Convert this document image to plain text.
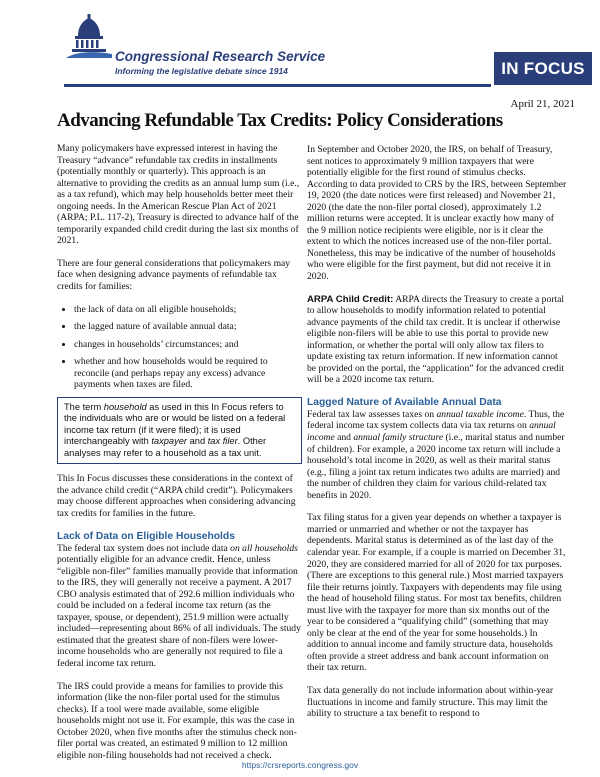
Congressional Research Service
Informing the legislative debate since 1914	IN FOCUS
April 21, 2021
Advancing Refundable Tax Credits: Policy Considerations

Many policymakers have expressed interest in having the Treasury “advance” refundable tax credits in installments (potentially monthly or quarterly). This approach is an alternative to providing the credits as an annual lump sum (i.e., as a tax refund), which may help households better meet their ongoing needs. In the American Rescue Plan Act of 2021 (ARPA; P.L. 117-2), Treasury is directed to advance half of the temporarily expanded child credit during the last six months of 2021.

There are four general considerations that policymakers may face when designing advance payments of refundable tax credits for families:

• the lack of data on all eligible households;
• the lagged nature of available annual data;
• changes in households’ circumstances; and
• whether and how households would be required to reconcile (and perhaps repay any excess) advance payments when taxes are filed.
The term household as used in this In Focus refers to the individuals who are or would be listed on a federal income tax return (if it were filed); it is used interchangeably with taxpayer and tax filer. Other analyses may refer to a household as a tax unit.

This In Focus discusses these considerations in the context of the advance child credit (“ARPA child credit”). Policymakers may choose different approaches when considering advancing tax credits for families in the future.

Lack of Data on Eligible Households

The federal tax system does not include data on all households potentially eligible for an advance credit. Hence, unless “eligible non-filer” families manually provide that information to the IRS, they will generally not receive a payment. A 2017 CBO analysis estimated that of 292.6 million individuals who could be included on a federal income tax return (as the taxpayer, spouse, or dependent), 251.9 million were actually included—representing about 86% of all individuals. The study estimated that the greatest share of non-filers were lower-income households who are generally not required to file a federal income tax return.

The IRS could provide a means for families to provide this information (like the non-filer portal used for the stimulus checks). If a tool were made available, some eligible households might not use it. For example, this was the case in October 2020, when five months after the stimulus check non-filer portal was created, an estimated 9 million to 12 million eligible non-filing households had not received a check.

In September and October 2020, the IRS, on behalf of Treasury, sent notices to approximately 9 million taxpayers that were potentially eligible for the first round of stimulus checks. According to data provided to CRS by the IRS, between September 19, 2020 (the date notices were first released) and November 21, 2020 (the date the non-filer portal closed), approximately 1.2 million returns were accepted. It is unclear exactly how many of the 9 million notice recipients were eligible, nor is it clear the extent to which the notices increased use of the non-filer portal. Nonetheless, this may be indicative of the number of households who were eligible for the first payment, but did not receive it in 2020.

ARPA Child Credit: ARPA directs the Treasury to create a portal to allow households to modify information related to potential advance payments of the child tax credit. It is unclear if otherwise eligible non-filers will be able to use this portal to provide new information, or whether the portal will only allow tax filers to update existing tax return information. If new information cannot be provided on the portal, the “application” for the advanced credit will be a 2020 income tax return.

Lagged Nature of Available Annual Data

Federal tax law assesses taxes on annual taxable income. Thus, the federal income tax system collects data via tax returns on annual income and annual family structure (i.e., marital status and number of children). For example, a 2020 income tax return will include a household’s total income in 2020, as well as their marital status (e.g., filing a joint tax return indicates two adults are married) and the number of children they claim for various child-related tax benefits in 2020.

Tax filing status for a given year depends on whether a taxpayer is married or unmarried and whether or not the taxpayer has dependents. Marital status is determined as of the last day of the calendar year. For example, if a couple is married on December 31, 2020, they are considered married for all of 2020 for tax purposes. (There are exceptions to this general rule.) Most married taxpayers file their returns jointly. Taxpayers with dependents may file using the head of household filing status. For most tax benefits, children must live with the taxpayer for more than six months out of the year to be considered a “qualifying child” (something that may only be clear at the end of the year for some households.) In addition to annual income and family structure data, households often provide a street address and bank account information on their tax return.

Tax data generally do not include information about within-year fluctuations in income and family structure. This may limit the ability to structure a tax benefit to respond to

https://crsreports.congress.gov
